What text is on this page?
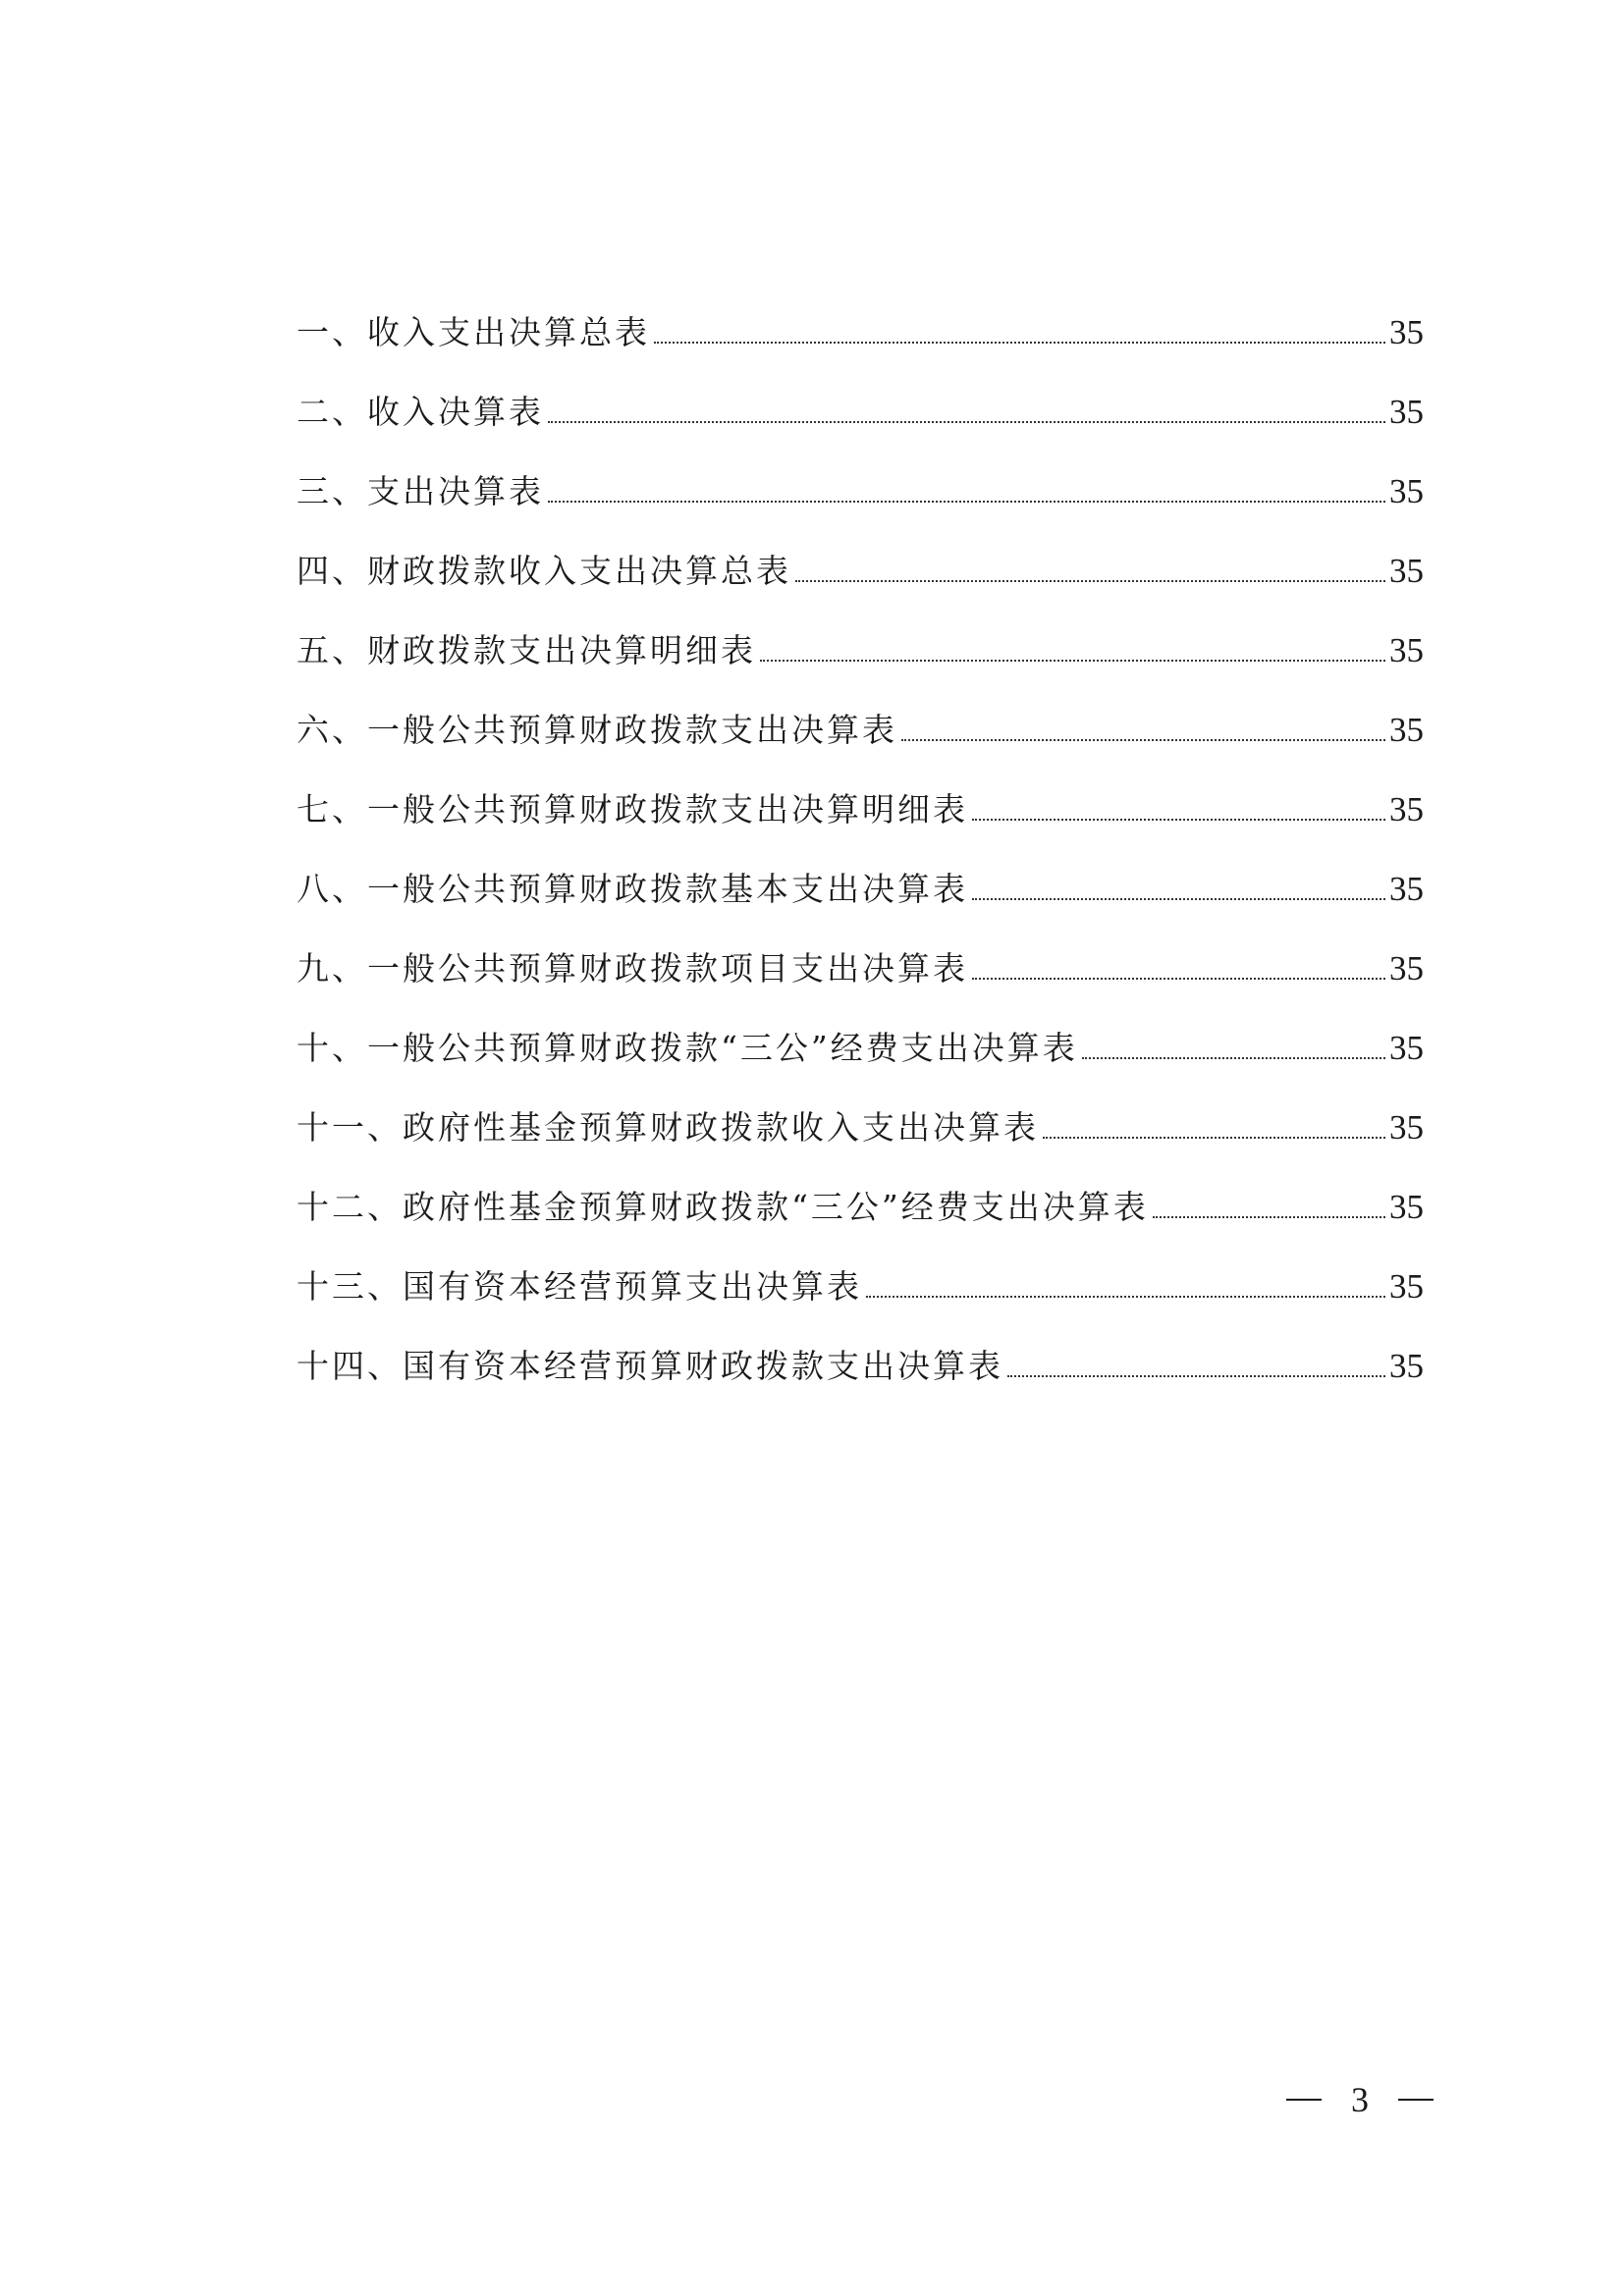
一、收入支出决算总表	35
二、收入决算表	35
三、支出决算表	35
四、财政拨款收入支出决算总表	35
五、财政拨款支出决算明细表	35
六、一般公共预算财政拨款支出决算表	35
七、一般公共预算财政拨款支出决算明细表	35
八、一般公共预算财政拨款基本支出决算表	35
九、一般公共预算财政拨款项目支出决算表	35
十、一般公共预算财政拨款“三公”经费支出决算表	35
十一、政府性基金预算财政拨款收入支出决算表	35
十二、政府性基金预算财政拨款“三公”经费支出决算表	35
十三、国有资本经营预算支出决算表	35
十四、国有资本经营预算财政拨款支出决算表	35
3
